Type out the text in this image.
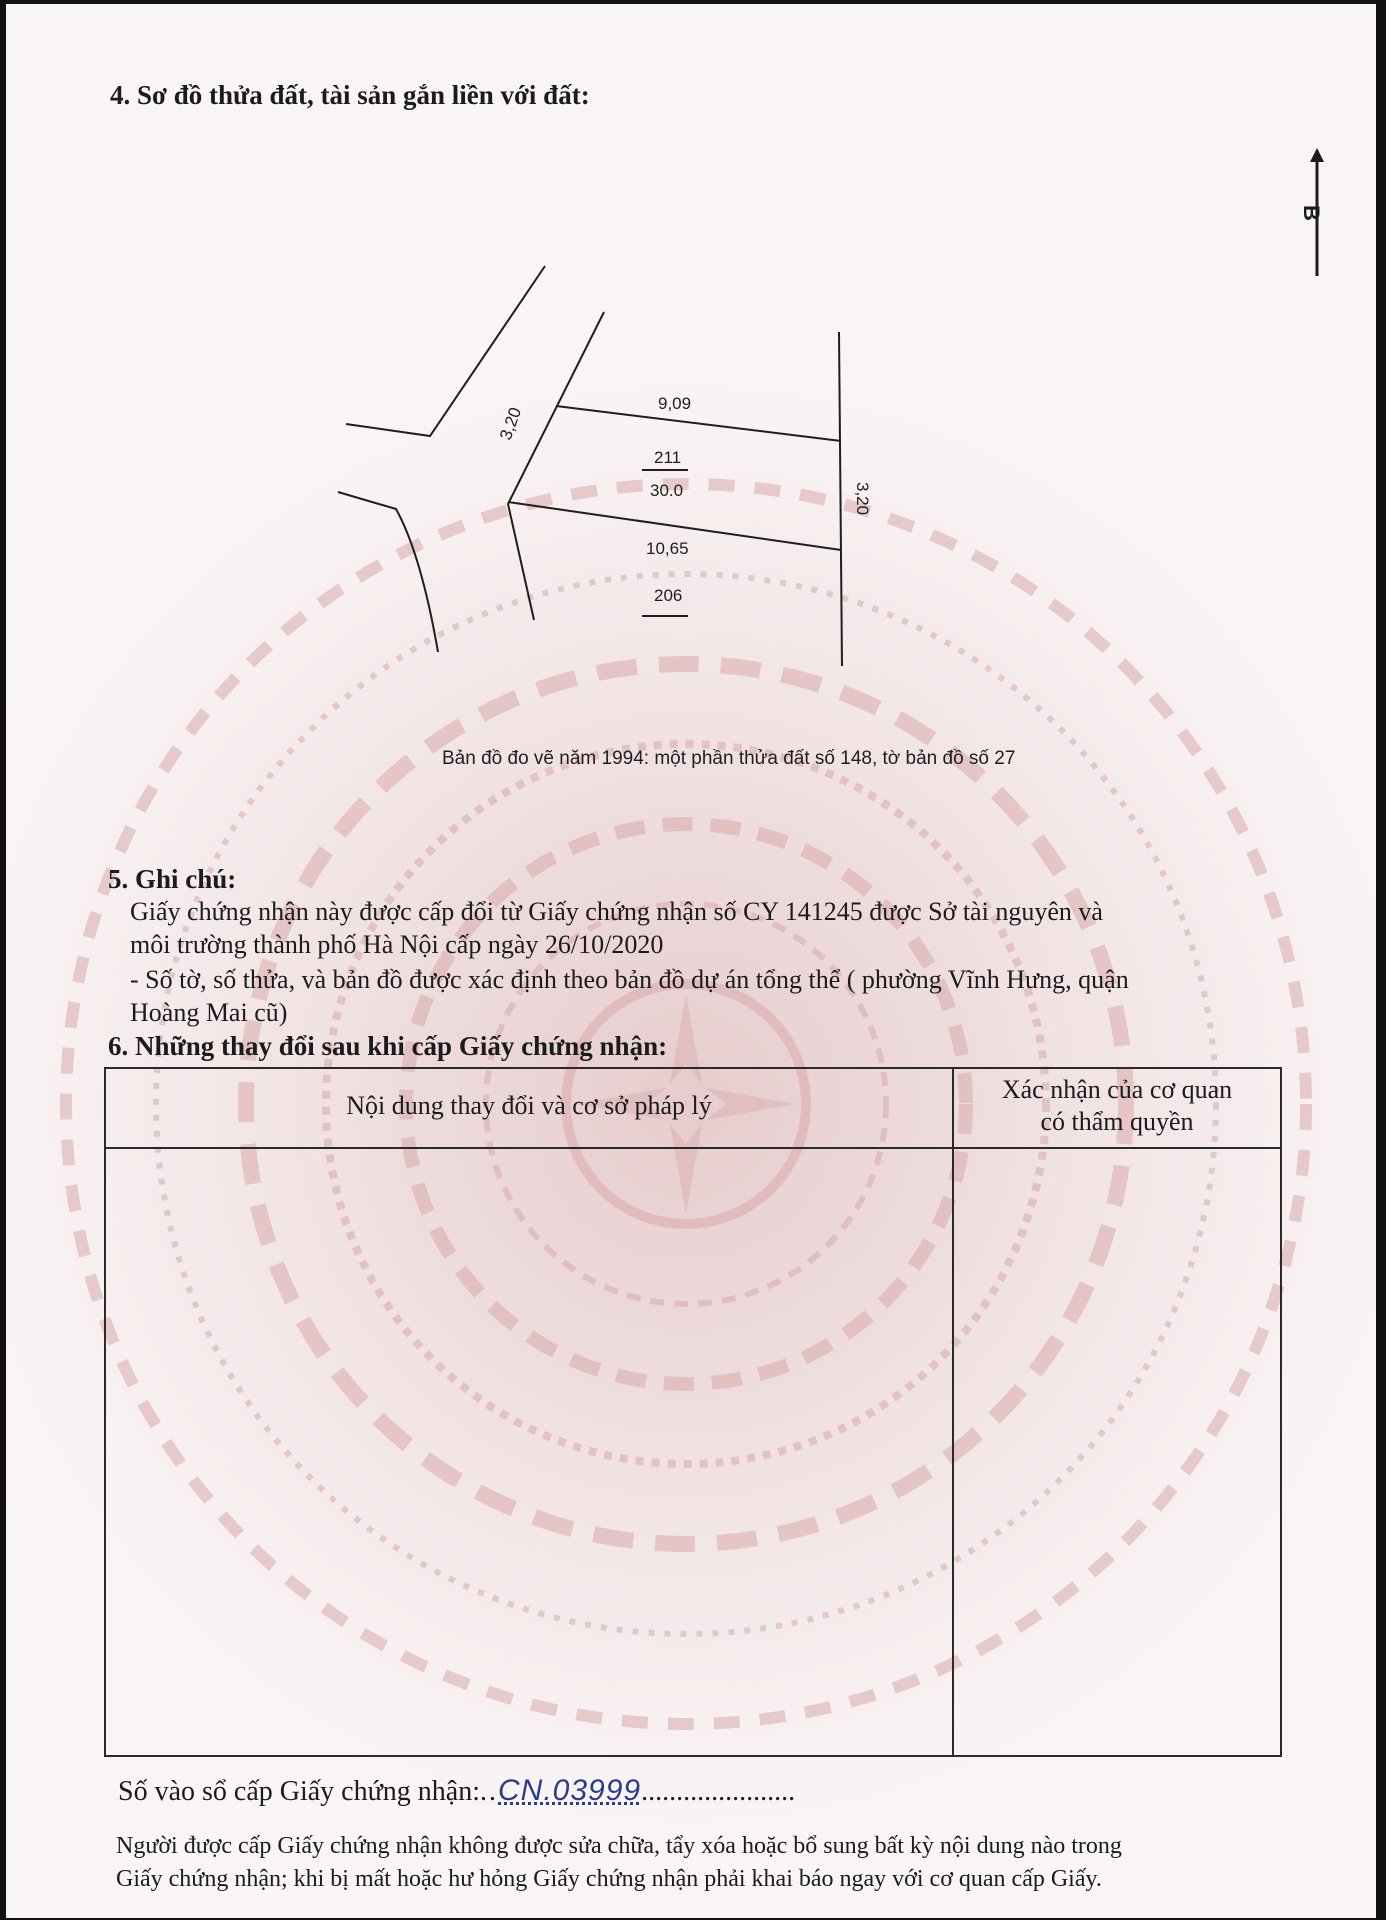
4. Sơ đồ thửa đất, tài sản gắn liền với đất:
B
9,09
3,20
3,20
211
30.0
10,65
206
Bản đồ đo vẽ năm 1994: một phần thửa đất số 148, tờ bản đồ số 27
5. Ghi chú:
Giấy chứng nhận này được cấp đổi từ Giấy chứng nhận số CY 141245 được Sở tài nguyên và
môi trường thành phố Hà Nội cấp ngày 26/10/2020
- Số tờ, số thửa, và bản đồ được xác định theo bản đồ dự án tổng thể ( phường Vĩnh Hưng, quận
Hoàng Mai cũ)
6. Những thay đổi sau khi cấp Giấy chứng nhận:
Nội dung thay đổi và cơ sở pháp lý
Xác nhận của cơ quan
có thẩm quyền
Số vào sổ cấp Giấy chứng nhận:..CN.03999......................
Người được cấp Giấy chứng nhận không được sửa chữa, tẩy xóa hoặc bổ sung bất kỳ nội dung nào trong
Giấy chứng nhận; khi bị mất hoặc hư hỏng Giấy chứng nhận phải khai báo ngay với cơ quan cấp Giấy.
